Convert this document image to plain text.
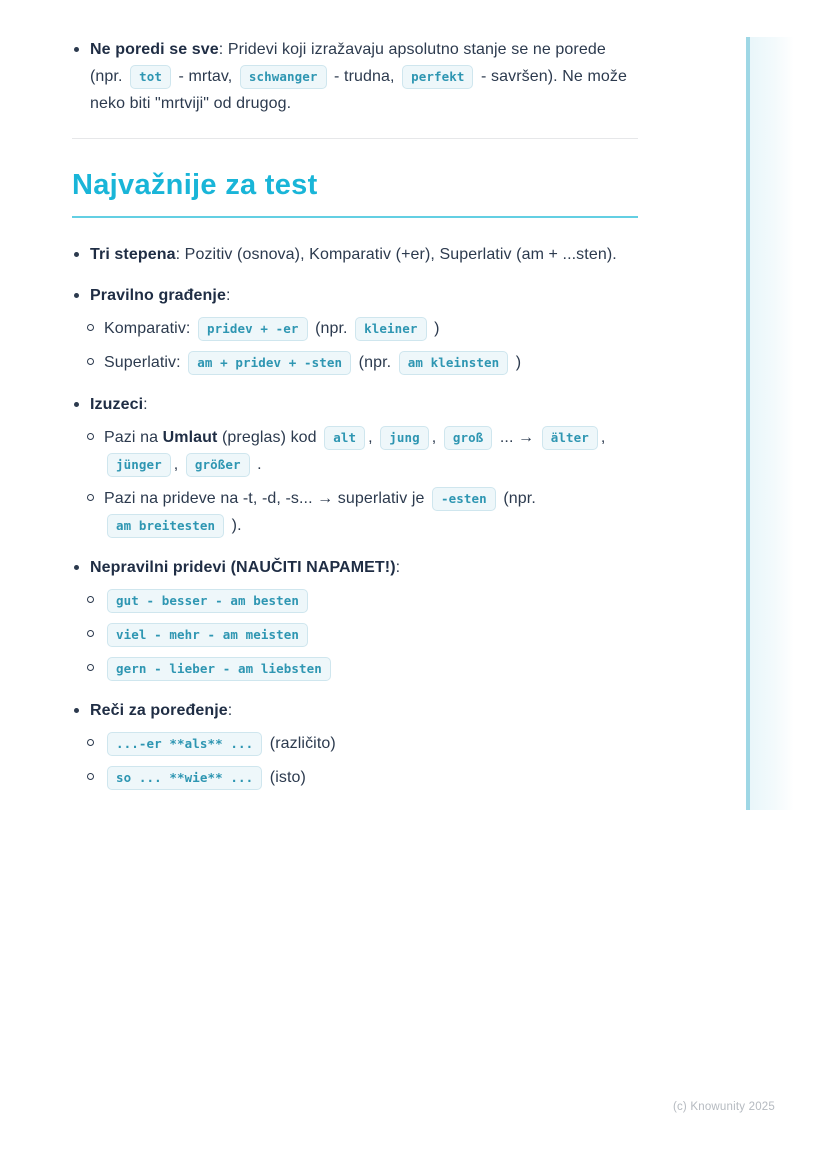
Ne poredi se sve: Pridevi koji izražavaju apsolutno stanje se ne porede (npr. tot - mrtav, schwanger - trudna, perfekt - savršen). Ne može neko biti "mrtviji" od drugog.
Najvažnije za test
Tri stepena: Pozitiv (osnova), Komparativ (+er), Superlativ (am + ...sten).
Pravilno građenje:
Komparativ: pridev + -er (npr. kleiner )
Superlativ: am + pridev + -sten (npr. am kleinsten )
Izuzeci:
Pazi na Umlaut (preglas) kod alt , jung , groß ... → älter , jünger , größer .
Pazi na prideve na -t, -d, -s... → superlativ je -esten (npr. am breitesten ).
Nepravilni pridevi (NAUČITI NAPAMET!):
gut - besser - am besten
viel - mehr - am meisten
gern - lieber - am liebsten
Reči za poređenje:
...-er **als** ... (različito)
so ... **wie** ... (isto)
(c) Knowunity 2025
